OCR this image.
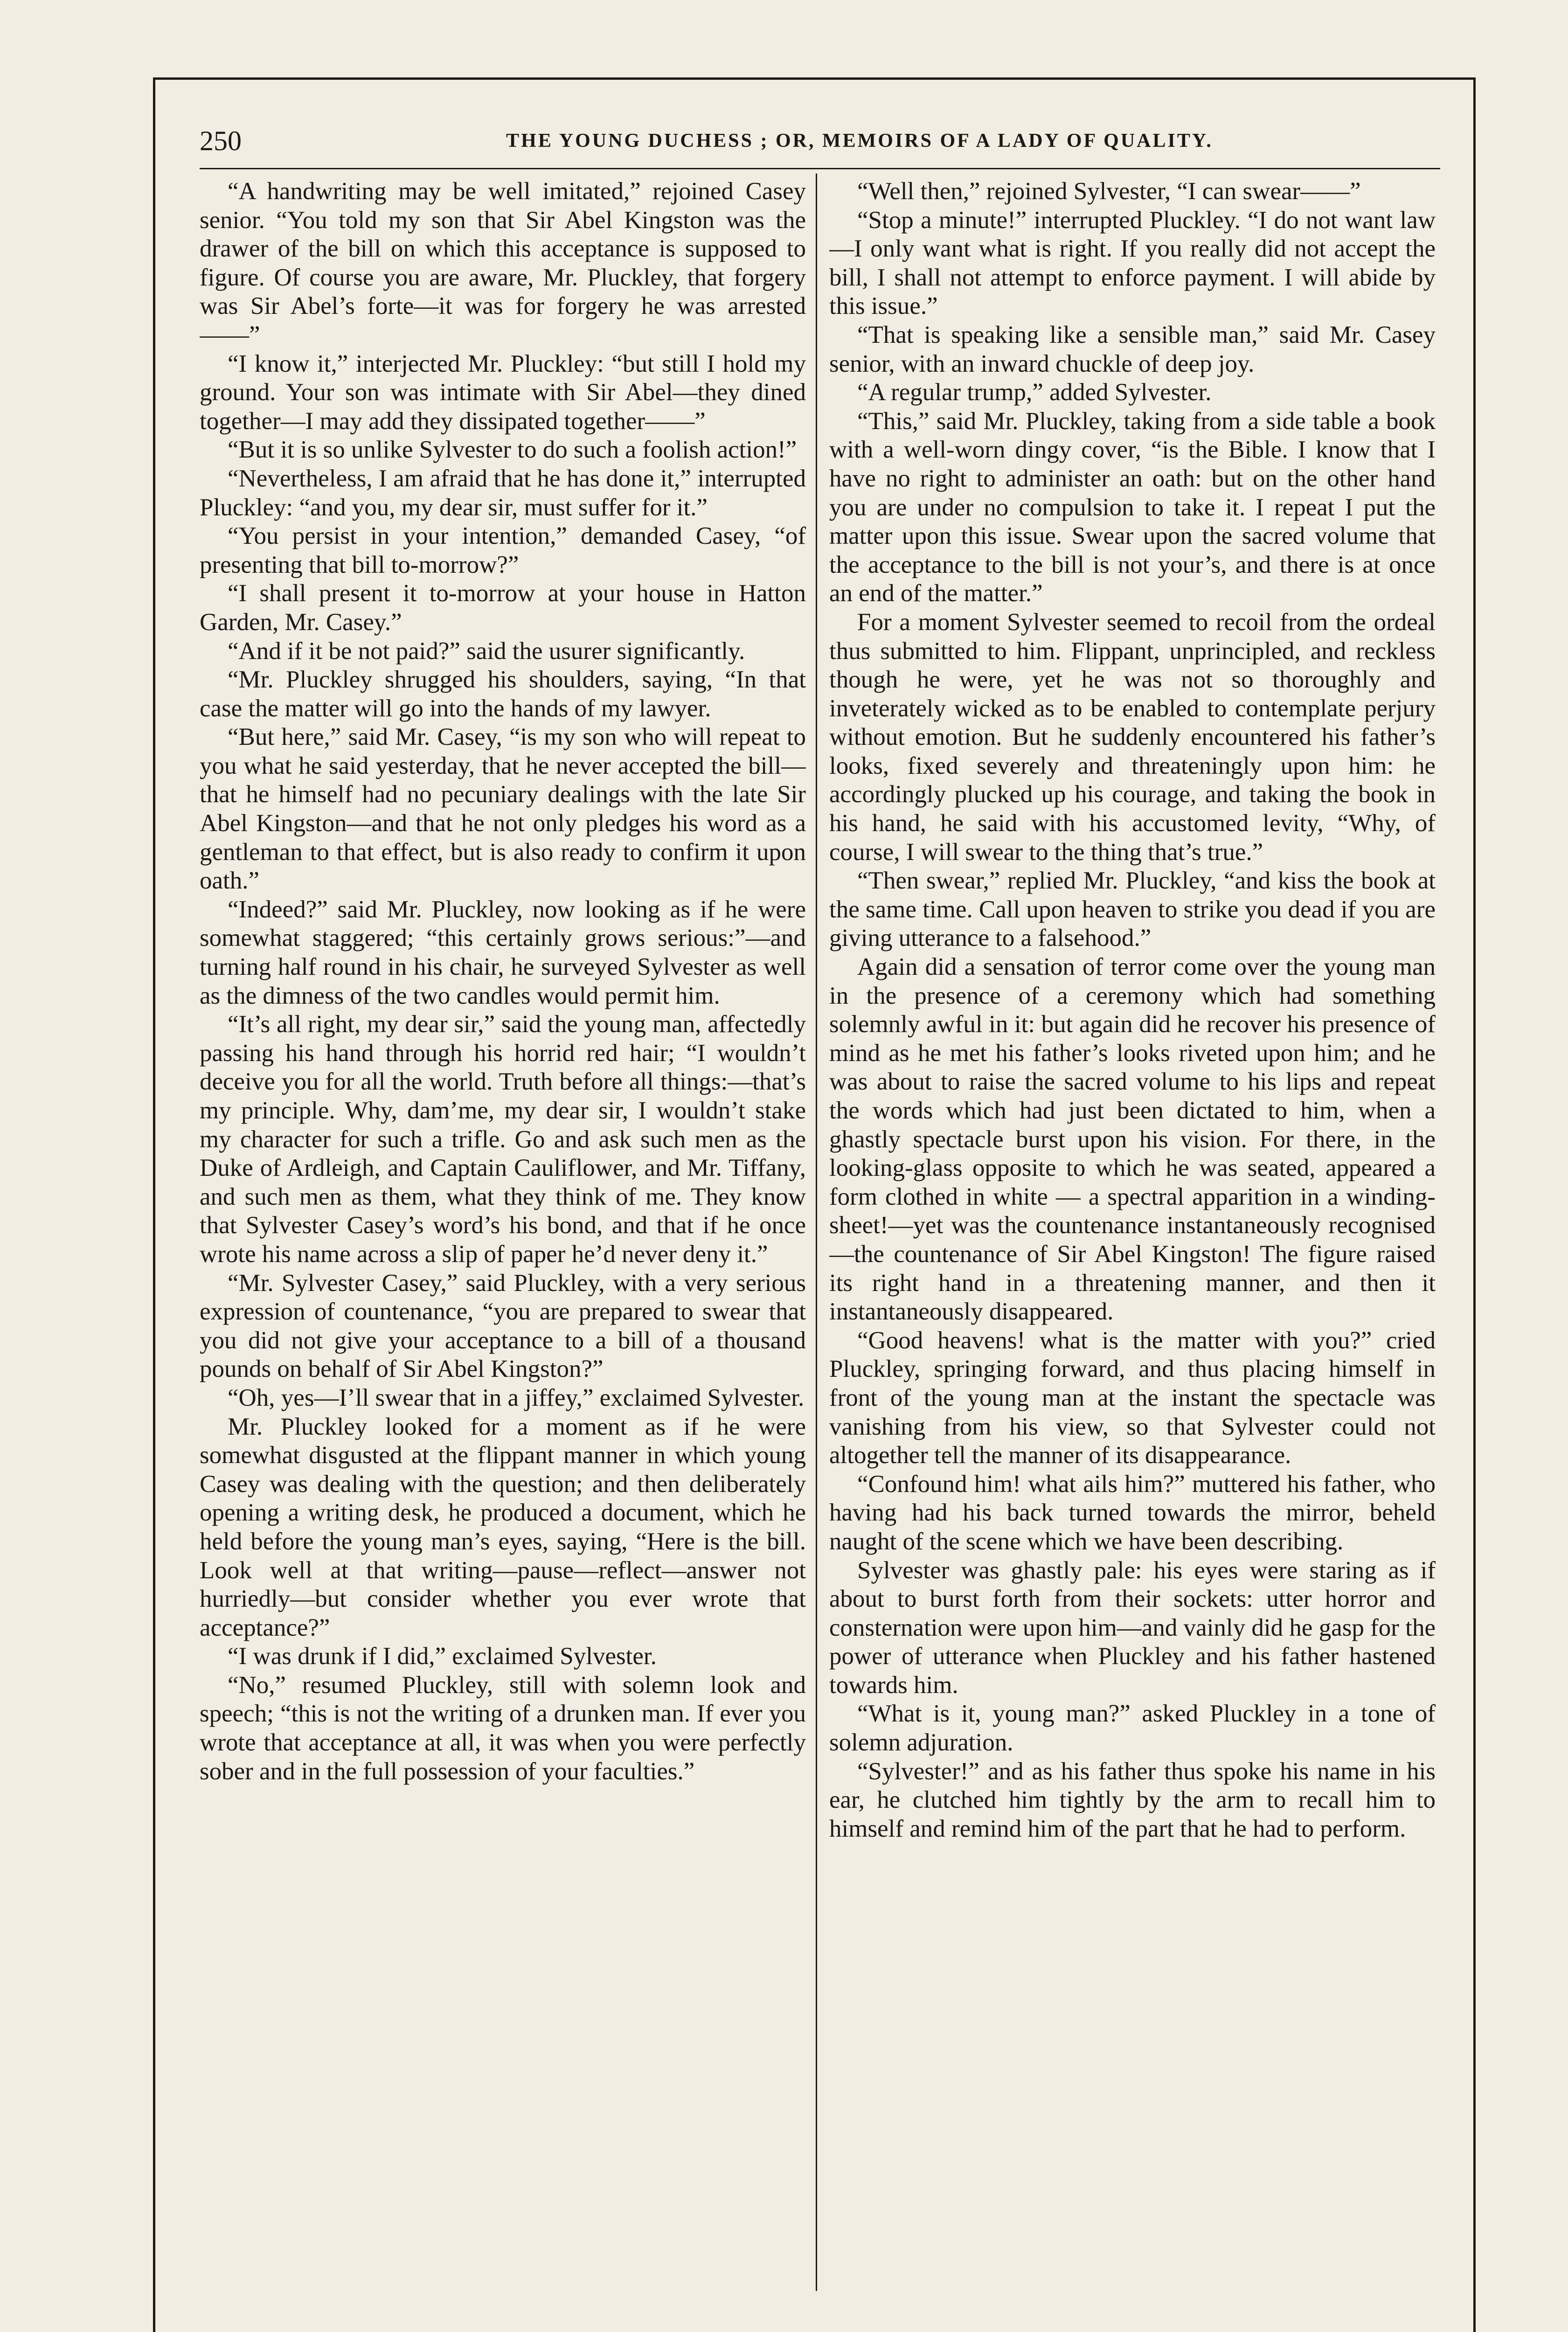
250	THE YOUNG DUCHESS ; OR, MEMOIRS OF A LADY OF QUALITY.

“A handwriting may be well imitated,” rejoined Casey senior. “You told my son that Sir Abel Kingston was the drawer of the bill on which this acceptance is supposed to figure. Of course you are aware, Mr. Pluckley, that forgery was Sir Abel’s forte—it was for forgery he was arrested——”

“I know it,” interjected Mr. Pluckley: “but still I hold my ground. Your son was intimate with Sir Abel—they dined together—I may add they dissipated together——”

“But it is so unlike Sylvester to do such a foolish action!”

“Nevertheless, I am afraid that he has done it,” interrupted Pluckley: “and you, my dear sir, must suffer for it.”

“You persist in your intention,” demanded Casey, “of presenting that bill to-morrow?”

“I shall present it to-morrow at your house in Hatton Garden, Mr. Casey.”

“And if it be not paid?” said the usurer significantly.

“Mr. Pluckley shrugged his shoulders, saying, “In that case the matter will go into the hands of my lawyer.

“But here,” said Mr. Casey, “is my son who will repeat to you what he said yesterday, that he never accepted the bill—that he himself had no pecuniary dealings with the late Sir Abel Kingston—and that he not only pledges his word as a gentleman to that effect, but is also ready to confirm it upon oath.”

“Indeed?” said Mr. Pluckley, now looking as if he were somewhat staggered; “this certainly grows serious:”—and turning half round in his chair, he surveyed Sylvester as well as the dimness of the two candles would permit him.

“It’s all right, my dear sir,” said the young man, affectedly passing his hand through his horrid red hair; “I wouldn’t deceive you for all the world. Truth before all things:—that’s my principle. Why, dam’me, my dear sir, I wouldn’t stake my character for such a trifle. Go and ask such men as the Duke of Ardleigh, and Captain Cauliflower, and Mr. Tiffany, and such men as them, what they think of me. They know that Sylvester Casey’s word’s his bond, and that if he once wrote his name across a slip of paper he’d never deny it.”

“Mr. Sylvester Casey,” said Pluckley, with a very serious expression of countenance, “you are prepared to swear that you did not give your acceptance to a bill of a thousand pounds on behalf of Sir Abel Kingston?”

“Oh, yes—I’ll swear that in a jiffey,” exclaimed Sylvester.

Mr. Pluckley looked for a moment as if he were somewhat disgusted at the flippant manner in which young Casey was dealing with the question; and then deliberately opening a writing desk, he produced a document, which he held before the young man’s eyes, saying, “Here is the bill. Look well at that writing—pause—reflect—answer not hurriedly—but consider whether you ever wrote that acceptance?”

“I was drunk if I did,” exclaimed Sylvester.

“No,” resumed Pluckley, still with solemn look and speech; “this is not the writing of a drunken man. If ever you wrote that acceptance at all, it was when you were perfectly sober and in the full possession of your faculties.”

“Well then,” rejoined Sylvester, “I can swear——”

“Stop a minute!” interrupted Pluckley. “I do not want law—I only want what is right. If you really did not accept the bill, I shall not attempt to enforce payment. I will abide by this issue.”

“That is speaking like a sensible man,” said Mr. Casey senior, with an inward chuckle of deep joy.

“A regular trump,” added Sylvester.

“This,” said Mr. Pluckley, taking from a side table a book with a well-worn dingy cover, “is the Bible. I know that I have no right to administer an oath: but on the other hand you are under no compulsion to take it. I repeat I put the matter upon this issue. Swear upon the sacred volume that the acceptance to the bill is not your’s, and there is at once an end of the matter.”

For a moment Sylvester seemed to recoil from the ordeal thus submitted to him. Flippant, unprincipled, and reckless though he were, yet he was not so thoroughly and inveterately wicked as to be enabled to contemplate perjury without emotion. But he suddenly encountered his father’s looks, fixed severely and threateningly upon him: he accordingly plucked up his courage, and taking the book in his hand, he said with his accustomed levity, “Why, of course, I will swear to the thing that’s true.”

“Then swear,” replied Mr. Pluckley, “and kiss the book at the same time. Call upon heaven to strike you dead if you are giving utterance to a falsehood.”

Again did a sensation of terror come over the young man in the presence of a ceremony which had something solemnly awful in it: but again did he recover his presence of mind as he met his father’s looks riveted upon him; and he was about to raise the sacred volume to his lips and repeat the words which had just been dictated to him, when a ghastly spectacle burst upon his vision. For there, in the looking-glass opposite to which he was seated, appeared a form clothed in white — a spectral apparition in a winding-sheet!—yet was the countenance instantaneously recognised—the countenance of Sir Abel Kingston! The figure raised its right hand in a threatening manner, and then it instantaneously disappeared.

“Good heavens! what is the matter with you?” cried Pluckley, springing forward, and thus placing himself in front of the young man at the instant the spectacle was vanishing from his view, so that Sylvester could not altogether tell the manner of its disappearance.

“Confound him! what ails him?” muttered his father, who having had his back turned towards the mirror, beheld naught of the scene which we have been describing.

Sylvester was ghastly pale: his eyes were staring as if about to burst forth from their sockets: utter horror and consternation were upon him—and vainly did he gasp for the power of utterance when Pluckley and his father hastened towards him.

“What is it, young man?” asked Pluckley in a tone of solemn adjuration.

“Sylvester!” and as his father thus spoke his name in his ear, he clutched him tightly by the arm to recall him to himself and remind him of the part that he had to perform.
